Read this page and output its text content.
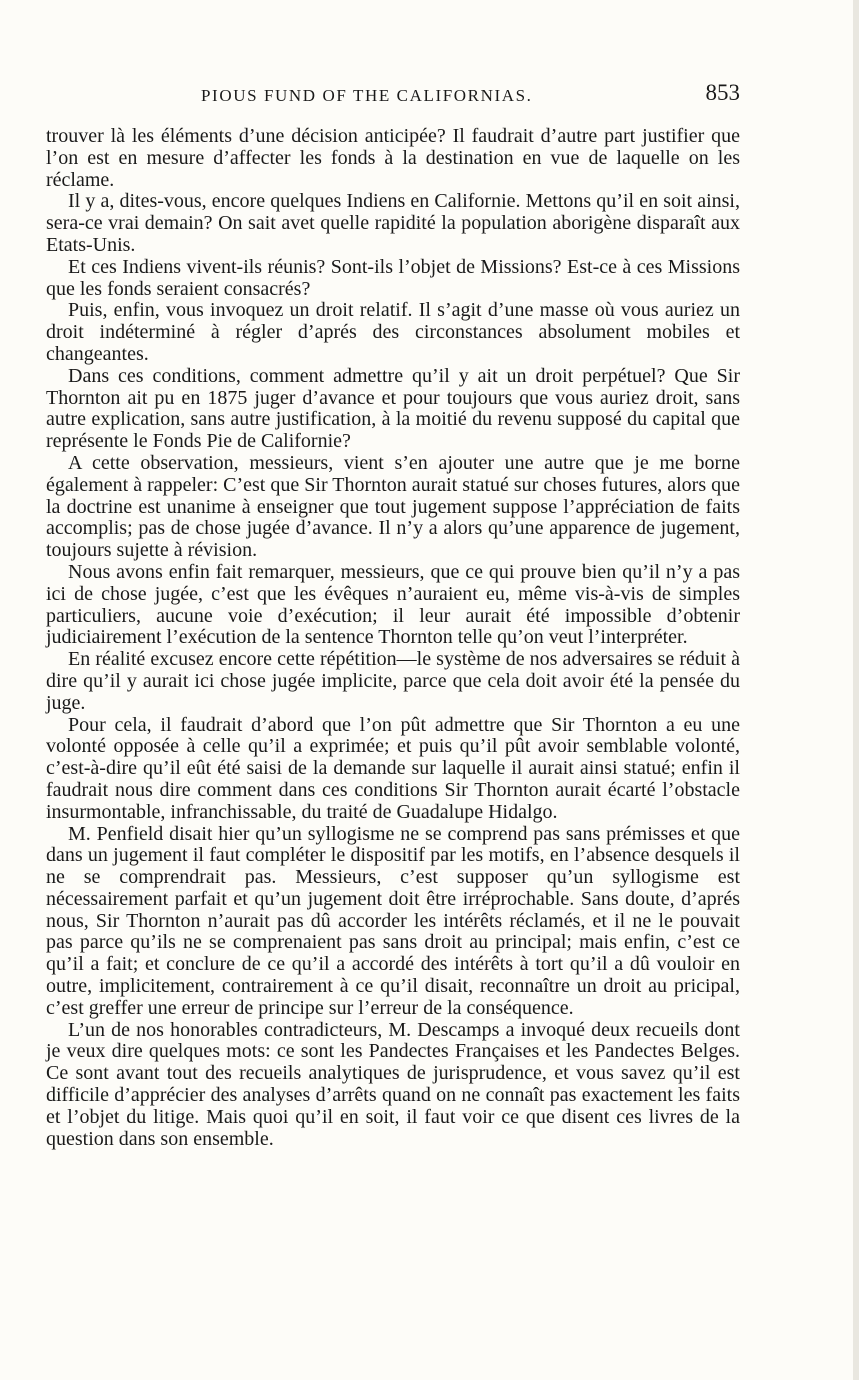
PIOUS FUND OF THE CALIFORNIAS.	853

trouver là les éléments d’une décision anticipée? Il faudrait d’autre part justifier que l’on est en mesure d’affecter les fonds à la destination en vue de laquelle on les réclame.

Il y a, dites-vous, encore quelques Indiens en Californie. Mettons qu’il en soit ainsi, sera-ce vrai demain? On sait avet quelle rapidité la population aborigène disparaît aux Etats-Unis.

Et ces Indiens vivent-ils réunis? Sont-ils l’objet de Missions? Est-ce à ces Missions que les fonds seraient consacrés?

Puis, enfin, vous invoquez un droit relatif. Il s’agit d’une masse où vous auriez un droit indéterminé à régler d’aprés des circonstances absolument mobiles et changeantes.

Dans ces conditions, comment admettre qu’il y ait un droit perpétuel? Que Sir Thornton ait pu en 1875 juger d’avance et pour toujours que vous auriez droit, sans autre explication, sans autre justification, à la moitié du revenu supposé du capital que représente le Fonds Pie de Californie?

A cette observation, messieurs, vient s’en ajouter une autre que je me borne également à rappeler: C’est que Sir Thornton aurait statué sur choses futures, alors que la doctrine est unanime à enseigner que tout jugement suppose l’appréciation de faits accomplis; pas de chose jugée d’avance. Il n’y a alors qu’une apparence de jugement, toujours sujette à révision.

Nous avons enfin fait remarquer, messieurs, que ce qui prouve bien qu’il n’y a pas ici de chose jugée, c’est que les évêques n’auraient eu, même vis-à-vis de simples particuliers, aucune voie d’exécution; il leur aurait été impossible d’obtenir judiciairement l’exécution de la sentence Thornton telle qu’on veut l’interpréter.

En réalité excusez encore cette répétition—le système de nos adversaires se réduit à dire qu’il y aurait ici chose jugée implicite, parce que cela doit avoir été la pensée du juge.

Pour cela, il faudrait d’abord que l’on pût admettre que Sir Thornton a eu une volonté opposée à celle qu’il a exprimée; et puis qu’il pût avoir semblable volonté, c’est-à-dire qu’il eût été saisi de la demande sur laquelle il aurait ainsi statué; enfin il faudrait nous dire comment dans ces conditions Sir Thornton aurait écarté l’obstacle insurmontable, infranchissable, du traité de Guadalupe Hidalgo.

M. Penfield disait hier qu’un syllogisme ne se comprend pas sans prémisses et que dans un jugement il faut compléter le dispositif par les motifs, en l’absence desquels il ne se comprendrait pas. Messieurs, c’est supposer qu’un syllogisme est nécessairement parfait et qu’un jugement doit être irréprochable. Sans doute, d’aprés nous, Sir Thornton n’aurait pas dû accorder les intérêts réclamés, et il ne le pouvait pas parce qu’ils ne se comprenaient pas sans droit au principal; mais enfin, c’est ce qu’il a fait; et conclure de ce qu’il a accordé des intérêts à tort qu’il a dû vouloir en outre, implicitement, contrairement à ce qu’il disait, reconnaître un droit au pricipal, c’est greffer une erreur de principe sur l’erreur de la conséquence.

L’un de nos honorables contradicteurs, M. Descamps a invoqué deux recueils dont je veux dire quelques mots: ce sont les Pandectes Françaises et les Pandectes Belges. Ce sont avant tout des recueils analytiques de jurisprudence, et vous savez qu’il est difficile d’apprécier des analyses d’arrêts quand on ne connaît pas exactement les faits et l’objet du litige. Mais quoi qu’il en soit, il faut voir ce que disent ces livres de la question dans son ensemble.
